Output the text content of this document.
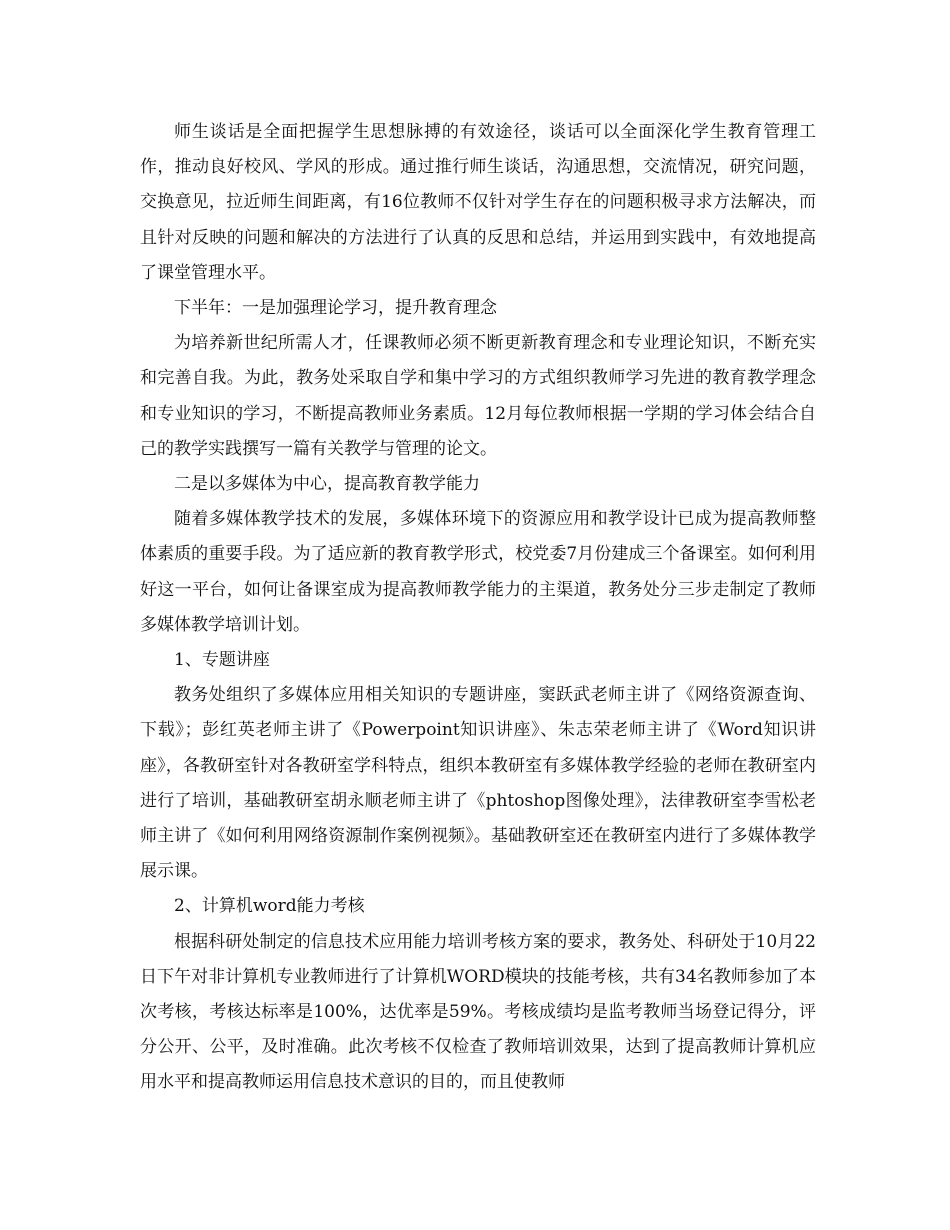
师生谈话是全面把握学生思想脉搏的有效途径，谈话可以全面深化学生教育管理工作，推动良好校风、学风的形成。通过推行师生谈话，沟通思想，交流情况，研究问题，交换意见，拉近师生间距离，有16位教师不仅针对学生存在的问题积极寻求方法解决，而且针对反映的问题和解决的方法进行了认真的反思和总结，并运用到实践中，有效地提高了课堂管理水平。

下半年：一是加强理论学习，提升教育理念

为培养新世纪所需人才，任课教师必须不断更新教育理念和专业理论知识，不断充实和完善自我。为此，教务处采取自学和集中学习的方式组织教师学习先进的教育教学理念和专业知识的学习，不断提高教师业务素质。12月每位教师根据一学期的学习体会结合自己的教学实践撰写一篇有关教学与管理的论文。

二是以多媒体为中心，提高教育教学能力

随着多媒体教学技术的发展，多媒体环境下的资源应用和教学设计已成为提高教师整体素质的重要手段。为了适应新的教育教学形式，校党委7月份建成三个备课室。如何利用好这一平台，如何让备课室成为提高教师教学能力的主渠道，教务处分三步走制定了教师多媒体教学培训计划。

1、专题讲座

教务处组织了多媒体应用相关知识的专题讲座，窦跃武老师主讲了《网络资源查询、下载》；彭红英老师主讲了《Powerpoint知识讲座》、朱志荣老师主讲了《Word知识讲座》，各教研室针对各教研室学科特点，组织本教研室有多媒体教学经验的老师在教研室内进行了培训，基础教研室胡永顺老师主讲了《phtoshop图像处理》，法律教研室李雪松老师主讲了《如何利用网络资源制作案例视频》。基础教研室还在教研室内进行了多媒体教学展示课。

2、计算机word能力考核

根据科研处制定的信息技术应用能力培训考核方案的要求，教务处、科研处于10月22日下午对非计算机专业教师进行了计算机WORD模块的技能考核，共有34名教师参加了本次考核，考核达标率是100%，达优率是59%。考核成绩均是监考教师当场登记得分，评分公开、公平，及时准确。此次考核不仅检查了教师培训效果，达到了提高教师计算机应用水平和提高教师运用信息技术意识的目的，而且使教师
